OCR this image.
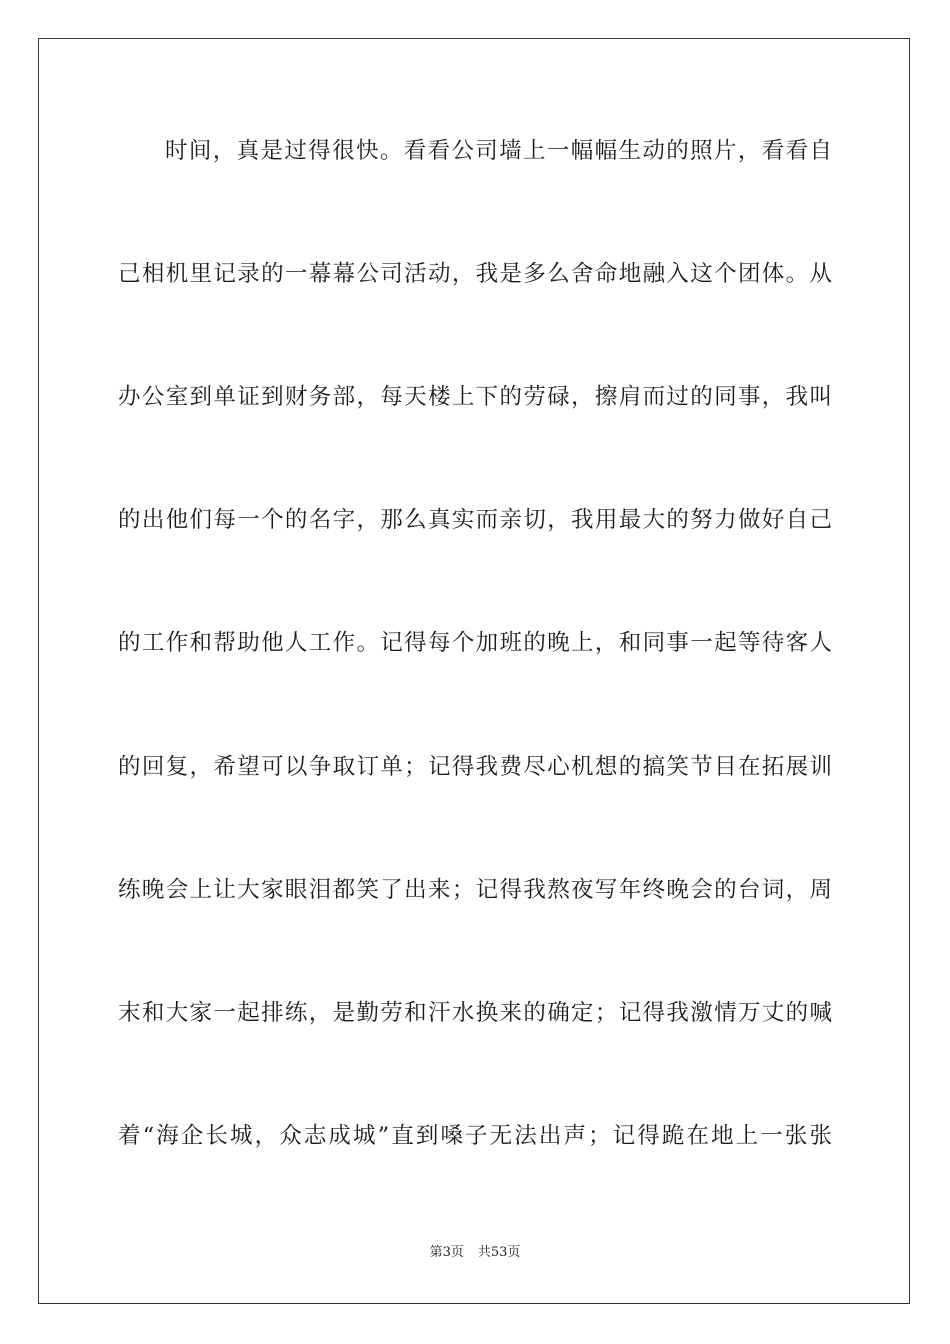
时间，真是过得很快。看看公司墙上一幅幅生动的照片，看看自
己相机里记录的一幕幕公司活动，我是多么舍命地融入这个团体。从
办公室到单证到财务部，每天楼上下的劳碌，擦肩而过的同事，我叫
的出他们每一个的名字，那么真实而亲切，我用最大的努力做好自己
的工作和帮助他人工作。记得每个加班的晚上，和同事一起等待客人
的回复，希望可以争取订单；记得我费尽心机想的搞笑节目在拓展训
练晚会上让大家眼泪都笑了出来；记得我熬夜写年终晚会的台词，周
末和大家一起排练，是勤劳和汗水换来的确定；记得我激情万丈的喊
着“海企长城，众志成城”直到嗓子无法出声；记得跪在地上一张张
第3页 共53页
